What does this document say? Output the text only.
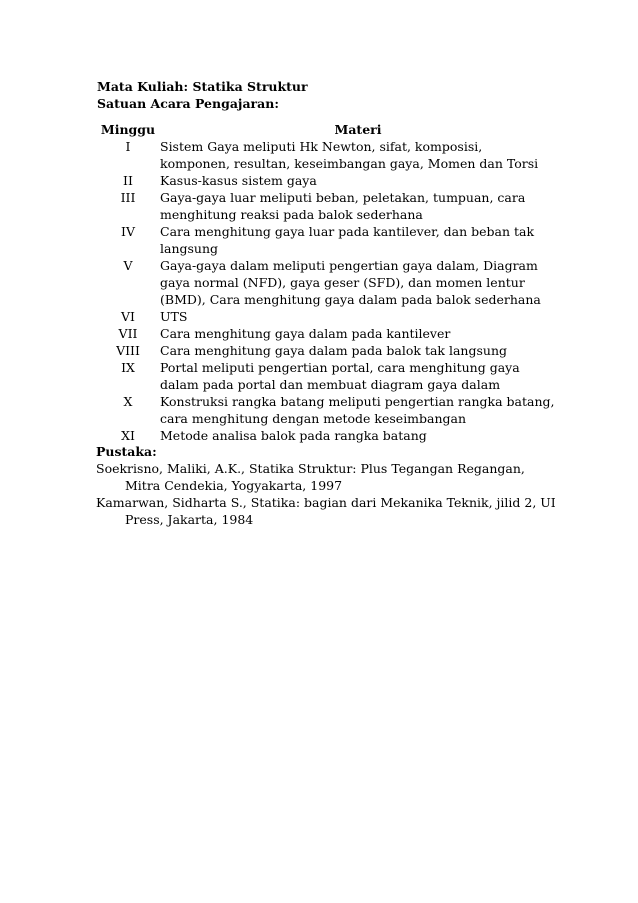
Mata Kuliah: Statika Struktur
Satuan Acara Pengajaran:
Minggu	Materi
I	Sistem Gaya meliputi Hk Newton, sifat, komposisi, komponen, resultan, keseimbangan gaya, Momen dan Torsi
II	Kasus-kasus sistem gaya
III	Gaya-gaya luar meliputi beban, peletakan, tumpuan, cara menghitung reaksi pada balok sederhana
IV	Cara menghitung gaya luar pada kantilever, dan beban tak langsung
V	Gaya-gaya dalam meliputi pengertian gaya dalam, Diagram gaya normal (NFD), gaya geser (SFD), dan momen lentur (BMD), Cara menghitung gaya dalam pada balok sederhana
VI	UTS
VII	Cara menghitung gaya dalam pada kantilever
VIII	Cara menghitung gaya dalam pada balok tak langsung
IX	Portal meliputi pengertian portal, cara menghitung gaya dalam pada portal dan membuat diagram gaya dalam
X	Konstruksi rangka batang meliputi pengertian rangka batang, cara menghitung dengan metode keseimbangan
XI	Metode analisa balok pada rangka batang
Pustaka:
Soekrisno, Maliki, A.K., Statika Struktur: Plus Tegangan Regangan, Mitra Cendekia, Yogyakarta, 1997
Kamarwan, Sidharta S., Statika: bagian dari Mekanika Teknik, jilid 2, UI Press, Jakarta, 1984
